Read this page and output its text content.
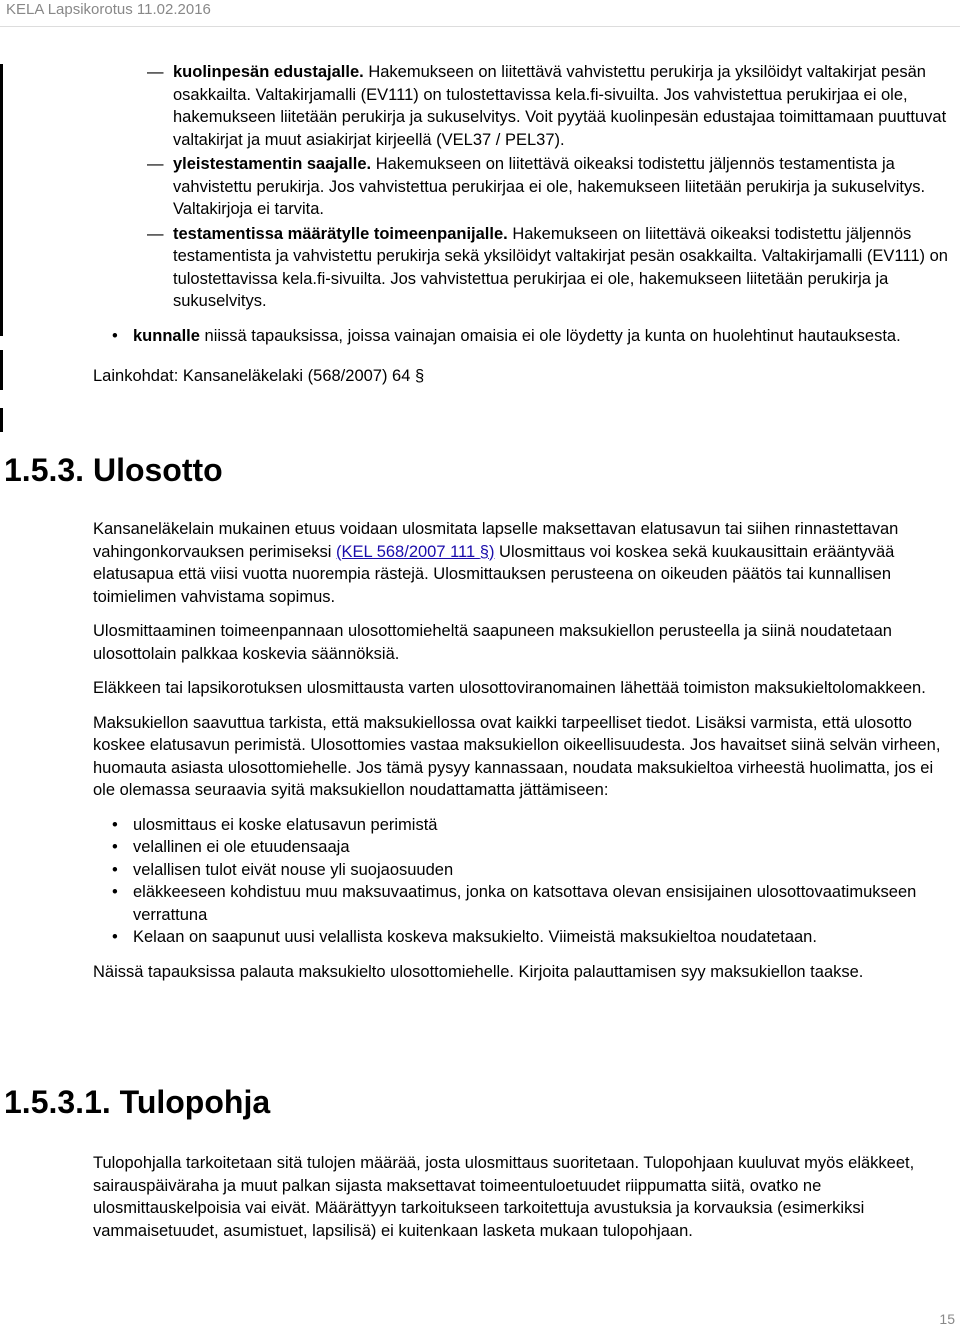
KELA Lapsikorotus 11.02.2016
— kuolinpesän edustajalle. Hakemukseen on liitettävä vahvistettu perukirja ja yksilöidyt valtakirjat pesän osakkailta. Valtakirjamalli (EV111) on tulostettavissa kela.fi-sivuilta. Jos vahvistettua perukirjaa ei ole, hakemukseen liitetään perukirja ja sukuselvitys. Voit pyytää kuolinpesän edustajaa toimittamaan puuttuvat valtakirjat ja muut asiakirjat kirjeellä (VEL37 / PEL37).
— yleistestamentin saajalle. Hakemukseen on liitettävä oikeaksi todistettu jäljennös testamentista ja vahvistettu perukirja. Jos vahvistettua perukirjaa ei ole, hakemukseen liitetään perukirja ja sukuselvitys. Valtakirjoja ei tarvita.
— testamentissa määrätylle toimeenpanijalle. Hakemukseen on liitettävä oikeaksi todistettu jäljennös testamentista ja vahvistettu perukirja sekä yksilöidyt valtakirjat pesän osakkailta. Valtakirjamalli (EV111) on tulostettavissa kela.fi-sivuilta. Jos vahvistettua perukirjaa ei ole, hakemukseen liitetään perukirja ja sukuselvitys.
• kunnalle niissä tapauksissa, joissa vainajan omaisia ei ole löydetty ja kunta on huolehtinut hautauksesta.

Lainkohdat: Kansaneläkelaki (568/2007) 64 §

1.5.3. Ulosotto

Kansaneläkelain mukainen etuus voidaan ulosmitata lapselle maksettavan elatusavun tai siihen rinnastettavan vahingonkorvauksen perimiseksi (KEL 568/2007 111 §) Ulosmittaus voi koskea sekä kuukausittain erääntyvää elatusapua että viisi vuotta nuorempia rästejä. Ulosmittauksen perusteena on oikeuden päätös tai kunnallisen toimielimen vahvistama sopimus.

Ulosmittaaminen toimeenpannaan ulosottomieheltä saapuneen maksukiellon perusteella ja siinä noudatetaan ulosottolain palkkaa koskevia säännöksiä.

Eläkkeen tai lapsikorotuksen ulosmittausta varten ulosottoviranomainen lähettää toimiston maksukieltolomakkeen.

Maksukiellon saavuttua tarkista, että maksukiellossa ovat kaikki tarpeelliset tiedot. Lisäksi varmista, että ulosotto koskee elatusavun perimistä. Ulosottomies vastaa maksukiellon oikeellisuudesta. Jos havaitset siinä selvän virheen, huomauta asiasta ulosottomiehelle. Jos tämä pysyy kannassaan, noudata maksukieltoa virheestä huolimatta, jos ei ole olemassa seuraavia syitä maksukiellon noudattamatta jättämiseen:

• ulosmittaus ei koske elatusavun perimistä
• velallinen ei ole etuudensaaja
• velallisen tulot eivät nouse yli suojaosuuden
• eläkkeeseen kohdistuu muu maksuvaatimus, jonka on katsottava olevan ensisijainen ulosottovaatimukseen verrattuna
• Kelaan on saapunut uusi velallista koskeva maksukielto. Viimeistä maksukieltoa noudatetaan.

Näissä tapauksissa palauta maksukielto ulosottomiehelle. Kirjoita palauttamisen syy maksukiellon taakse.

1.5.3.1. Tulopohja

Tulopohjalla tarkoitetaan sitä tulojen määrää, josta ulosmittaus suoritetaan. Tulopohjaan kuuluvat myös eläkkeet, sairauspäiväraha ja muut palkan sijasta maksettavat toimeentuloetuudet riippumatta siitä, ovatko ne ulosmittauskelpoisia vai eivät. Määrättyyn tarkoitukseen tarkoitettuja avustuksia ja korvauksia (esimerkiksi vammaisetuudet, asumistuet, lapsilisä) ei kuitenkaan lasketa mukaan tulopohjaan.

15
